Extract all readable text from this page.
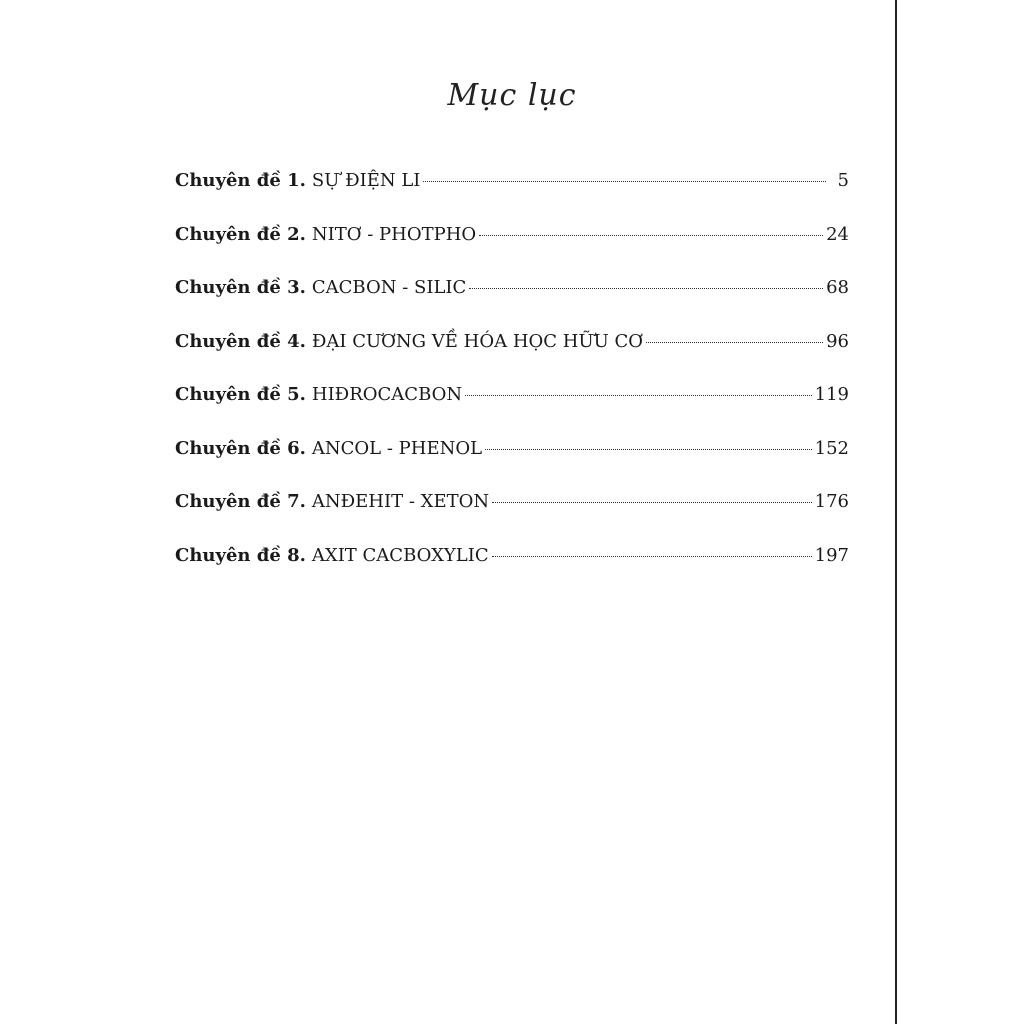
Mục lục
Chuyên đề 1. SỰ ĐIỆN LI	5
Chuyên đề 2. NITƠ - PHOTPHO	24
Chuyên đề 3. CACBON - SILIC	68
Chuyên đề 4. ĐẠI CƯƠNG VỀ HÓA HỌC HỮU CƠ	96
Chuyên đề 5. HIĐROCACBON	119
Chuyên đề 6. ANCOL - PHENOL	152
Chuyên đề 7. ANĐEHIT - XETON	176
Chuyên đề 8. AXIT CACBOXYLIC	197
